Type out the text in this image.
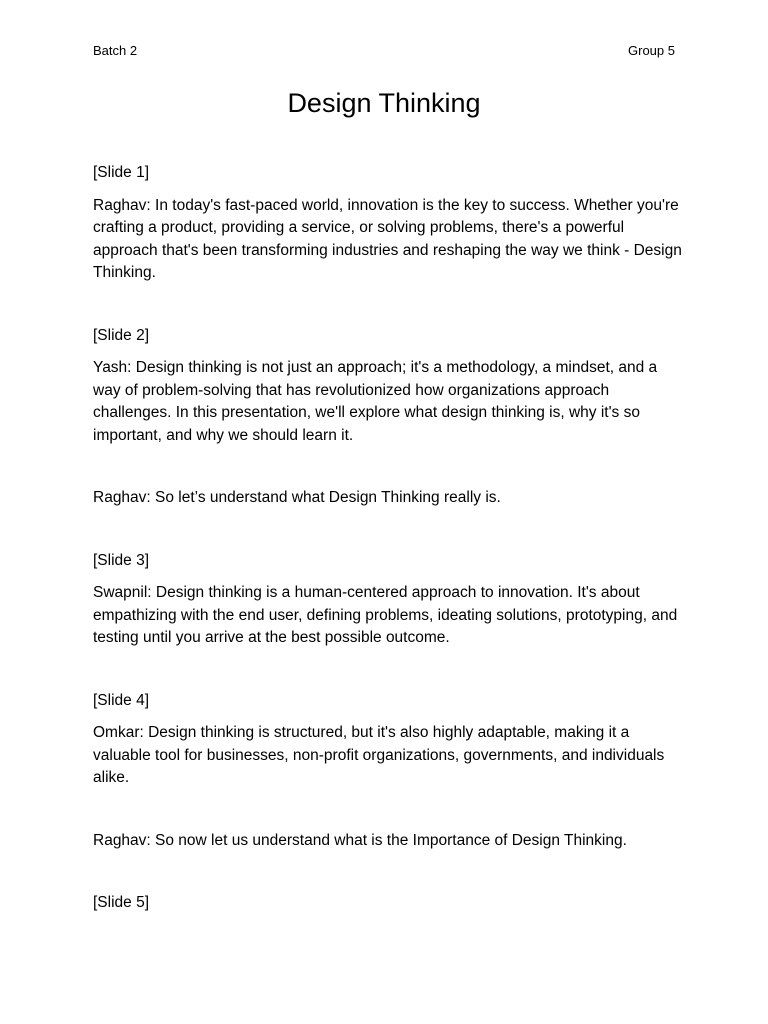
Batch 2	Group 5
Design Thinking

[Slide 1]

Raghav: In today's fast-paced world, innovation is the key to success. Whether you're crafting a product, providing a service, or solving problems, there's a powerful approach that's been transforming industries and reshaping the way we think - Design Thinking.

[Slide 2]

Yash: Design thinking is not just an approach; it's a methodology, a mindset, and a way of problem-solving that has revolutionized how organizations approach challenges. In this presentation, we'll explore what design thinking is, why it's so important, and why we should learn it.

Raghav: So let’s understand what Design Thinking really is.

[Slide 3]

Swapnil: Design thinking is a human-centered approach to innovation. It's about empathizing with the end user, defining problems, ideating solutions, prototyping, and testing until you arrive at the best possible outcome.

[Slide 4]

Omkar: Design thinking is structured, but it's also highly adaptable, making it a valuable tool for businesses, non-profit organizations, governments, and individuals alike.

Raghav: So now let us understand what is the Importance of Design Thinking.

[Slide 5]
